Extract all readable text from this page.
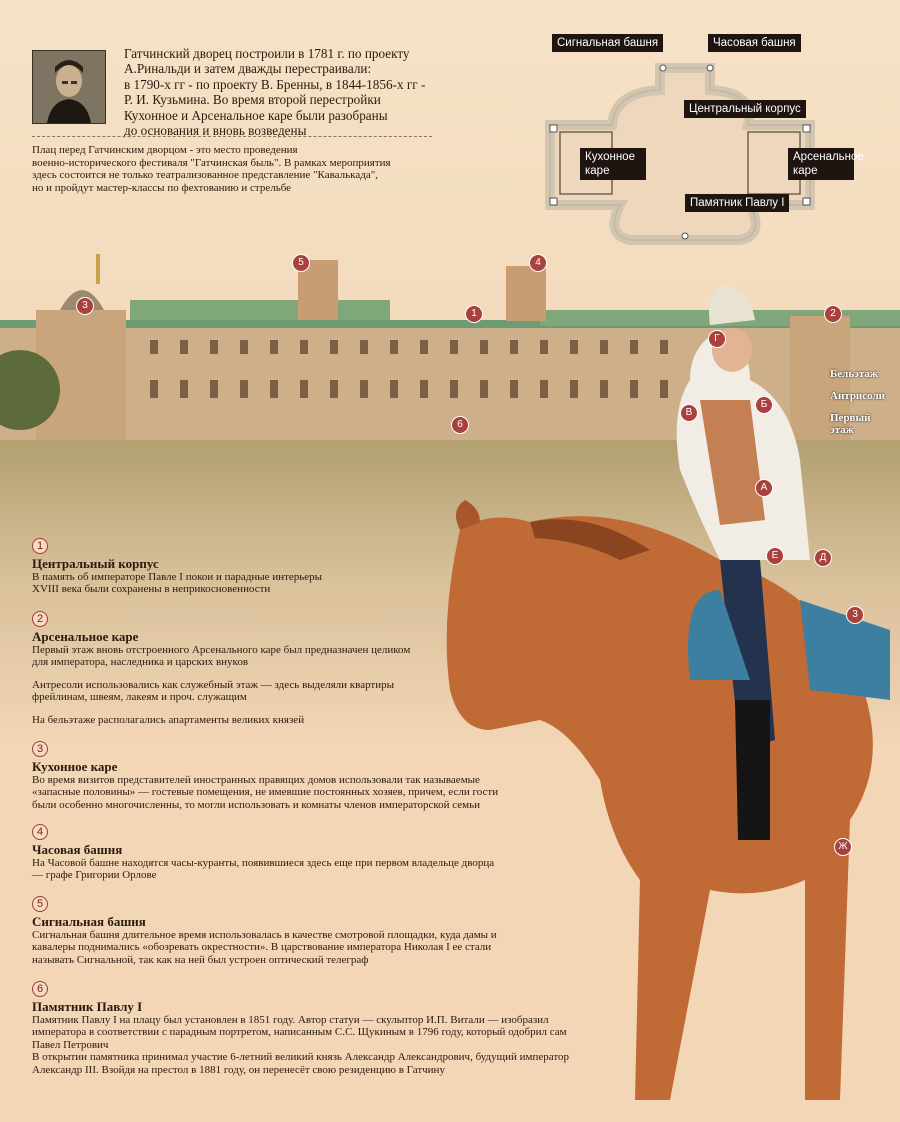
Гатчинский дворец построили в 1781 г. по проекту
А.Ринальди и затем дважды перестраивали:
в 1790-х гг - по проекту В. Бренны, в 1844-1856-х гг -
Р. И. Кузьмина. Во время второй перестройки
Кухонное и Арсенальное каре были разобраны
до основания и вновь возведены
Плац перед Гатчинским дворцом - это место проведения
военно-исторического фестиваля "Гатчинская быль". В рамках мероприятия
здесь состоится не только театрализованное представление "Кавалькада",
но и пройдут мастер-классы по фехтованию и стрельбе
Сигнальная башня	Часовая башня
Центральный корпус
Кухонное каре
Арсенальное каре
Памятник Павлу I
1	2
3
4
5
6
Бельэтаж
Антрисоли
Первый этаж
А
Б
В
Г
Д
Е
Ж
3
1
Центральный корпус
В память об императоре Павле I покои и парадные интерьеры
XVIII века были сохранены в неприкосновенности
2
Арсенальное каре
Первый этаж вновь отстроенного Арсенального каре был предназначен целиком
для императора, наследника и царских внуков
Антресоли использовались как служебный этаж — здесь выделяли квартиры
фрейлинам, швеям, лакеям и проч. служащим
На бельэтаже располагались апартаменты великих князей
3
Кухонное каре
Во время визитов представителей иностранных правящих домов использовали так называемые
«запасные половины» — гостевые помещения, не имевшие постоянных хозяев, причем, если гости
были особенно многочисленны, то могли использовать и комнаты членов императорской семьи
4
Часовая башня
На Часовой башне находятся часы-куранты, появившиеся здесь еще при первом владельце дворца
— графе Григории Орлове
5
Сигнальная башня
Сигнальная башня длительное время использовалась в качестве смотровой площадки, куда дамы и
кавалеры поднимались «обозревать окрестности». В царствование императора Николая I ее стали
называть Сигнальной, так как на ней был устроен оптический телеграф
6
Памятник Павлу I
Памятник Павлу I на плацу был установлен в 1851 году. Автор статуи — скульптор И.П. Витали — изобразил
императора в соответствии с парадным портретом, написанным С.С. Щукиным в 1796 году, который одобрил сам
Павел Петрович
В открытии памятника принимал участие 6-летний великий князь Александр Александрович, будущий император
Александр III. Взойдя на престол в 1881 году, он перенесёт свою резиденцию в Гатчину
